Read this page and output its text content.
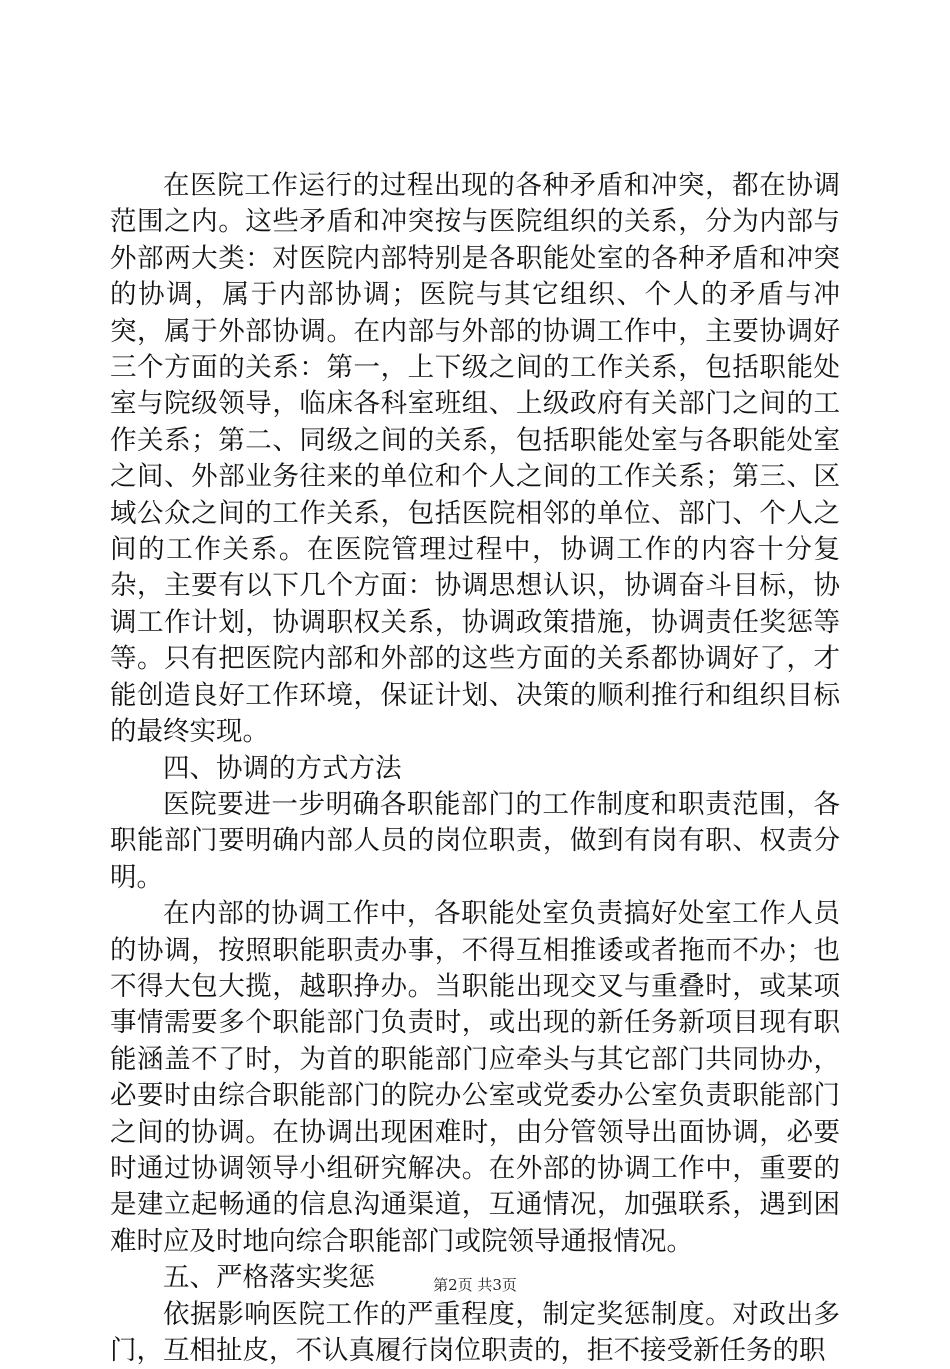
在医院工作运行的过程出现的各种矛盾和冲突，都在协调范围之内。这些矛盾和冲突按与医院组织的关系，分为内部与外部两大类：对医院内部特别是各职能处室的各种矛盾和冲突的协调，属于内部协调；医院与其它组织、个人的矛盾与冲突，属于外部协调。在内部与外部的协调工作中，主要协调好三个方面的关系：第一，上下级之间的工作关系，包括职能处室与院级领导，临床各科室班组、上级政府有关部门之间的工作关系；第二、同级之间的关系，包括职能处室与各职能处室之间、外部业务往来的单位和个人之间的工作关系；第三、区域公众之间的工作关系，包括医院相邻的单位、部门、个人之间的工作关系。在医院管理过程中，协调工作的内容十分复杂，主要有以下几个方面：协调思想认识，协调奋斗目标，协调工作计划，协调职权关系，协调政策措施，协调责任奖惩等等。只有把医院内部和外部的这些方面的关系都协调好了，才能创造良好工作环境，保证计划、决策的顺利推行和组织目标的最终实现。

四、协调的方式方法

医院要进一步明确各职能部门的工作制度和职责范围，各职能部门要明确内部人员的岗位职责，做到有岗有职、权责分明。

在内部的协调工作中，各职能处室负责搞好处室工作人员的协调，按照职能职责办事，不得互相推诿或者拖而不办；也不得大包大揽，越职挣办。当职能出现交叉与重叠时，或某项事情需要多个职能部门负责时，或出现的新任务新项目现有职能涵盖不了时，为首的职能部门应牵头与其它部门共同协办，必要时由综合职能部门的院办公室或党委办公室负责职能部门之间的协调。在协调出现困难时，由分管领导出面协调，必要时通过协调领导小组研究解决。在外部的协调工作中，重要的是建立起畅通的信息沟通渠道，互通情况，加强联系，遇到困难时应及时地向综合职能部门或院领导通报情况。

五、严格落实奖惩

依据影响医院工作的严重程度，制定奖惩制度。对政出多门，互相扯皮，不认真履行岗位职责的，拒不接受新任务的职

第2页 共3页
